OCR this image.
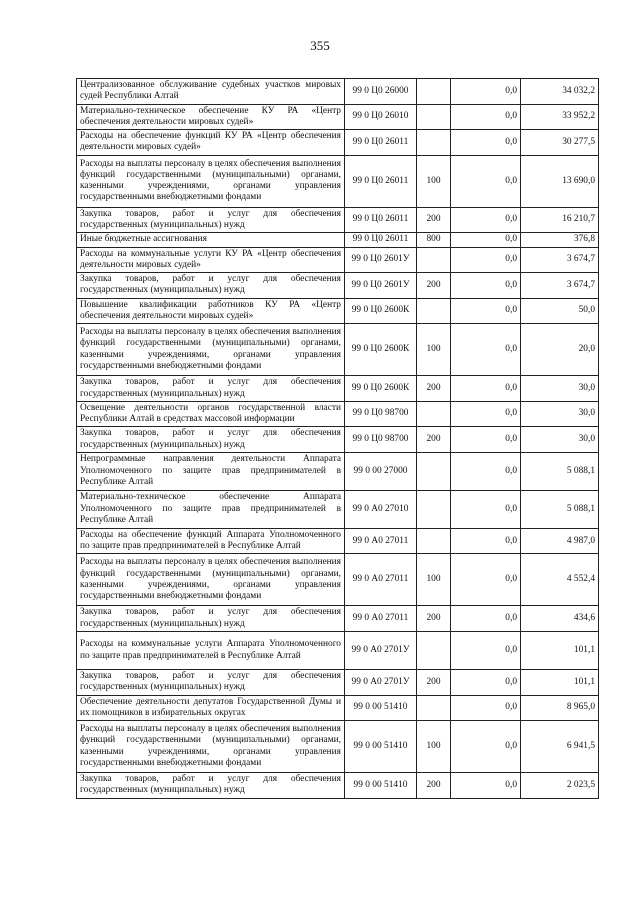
355
Централизованное обслуживание судебных участков мировых судей Республики Алтай	99 0 Ц0 26000		0,0	34 032,2
Материально-техническое обеспечение КУ РА «Центр обеспечения деятельности мировых судей»	99 0 Ц0 26010		0,0	33 952,2
Расходы на обеспечение функций КУ РА «Центр обеспечения деятельности мировых судей»	99 0 Ц0 26011		0,0	30 277,5
Расходы на выплаты персоналу в целях обеспечения выполнения функций государственными (муниципальными) органами, казенными учреждениями, органами управления государственными внебюджетными фондами	99 0 Ц0 26011	100	0,0	13 690,0
Закупка товаров, работ и услуг для обеспечения государственных (муниципальных) нужд	99 0 Ц0 26011	200	0,0	16 210,7
Иные бюджетные ассигнования	99 0 Ц0 26011	800	0,0	376,8
Расходы на коммунальные услуги КУ РА «Центр обеспечения деятельности мировых судей»	99 0 Ц0 2601У		0,0	3 674,7
Закупка товаров, работ и услуг для обеспечения государственных (муниципальных) нужд	99 0 Ц0 2601У	200	0,0	3 674,7
Повышение квалификации работников КУ РА «Центр обеспечения деятельности мировых судей»	99 0 Ц0 2600К		0,0	50,0
Расходы на выплаты персоналу в целях обеспечения выполнения функций государственными (муниципальными) органами, казенными учреждениями, органами управления государственными внебюджетными фондами	99 0 Ц0 2600К	100	0,0	20,0
Закупка товаров, работ и услуг для обеспечения государственных (муниципальных) нужд	99 0 Ц0 2600К	200	0,0	30,0
Освещение деятельности органов государственной власти Республики Алтай в средствах массовой информации	99 0 Ц0 98700		0,0	30,0
Закупка товаров, работ и услуг для обеспечения государственных (муниципальных) нужд	99 0 Ц0 98700	200	0,0	30,0
Непрограммные направления деятельности Аппарата Уполномоченного по защите прав предпринимателей в Республике Алтай	99 0 00 27000		0,0	5 088,1
Материально-техническое обеспечение Аппарата Уполномоченного по защите прав предпринимателей в Республике Алтай	99 0 А0 27010		0,0	5 088,1
Расходы на обеспечение функций Аппарата Уполномоченного по защите прав предпринимателей в Республике Алтай	99 0 А0 27011		0,0	4 987,0
Расходы на выплаты персоналу в целях обеспечения выполнения функций государственными (муниципальными) органами, казенными учреждениями, органами управления государственными внебюджетными фондами	99 0 А0 27011	100	0,0	4 552,4
Закупка товаров, работ и услуг для обеспечения государственных (муниципальных) нужд	99 0 А0 27011	200	0,0	434,6
Расходы на коммунальные услуги Аппарата Уполномоченного по защите прав предпринимателей в Республике Алтай	99 0 А0 2701У		0,0	101,1
Закупка товаров, работ и услуг для обеспечения государственных (муниципальных) нужд	99 0 А0 2701У	200	0,0	101,1
Обеспечение деятельности депутатов Государственной Думы и их помощников в избирательных округах	99 0 00 51410		0,0	8 965,0
Расходы на выплаты персоналу в целях обеспечения выполнения функций государственными (муниципальными) органами, казенными учреждениями, органами управления государственными внебюджетными фондами	99 0 00 51410	100	0,0	6 941,5
Закупка товаров, работ и услуг для обеспечения государственных (муниципальных) нужд	99 0 00 51410	200	0,0	2 023,5
